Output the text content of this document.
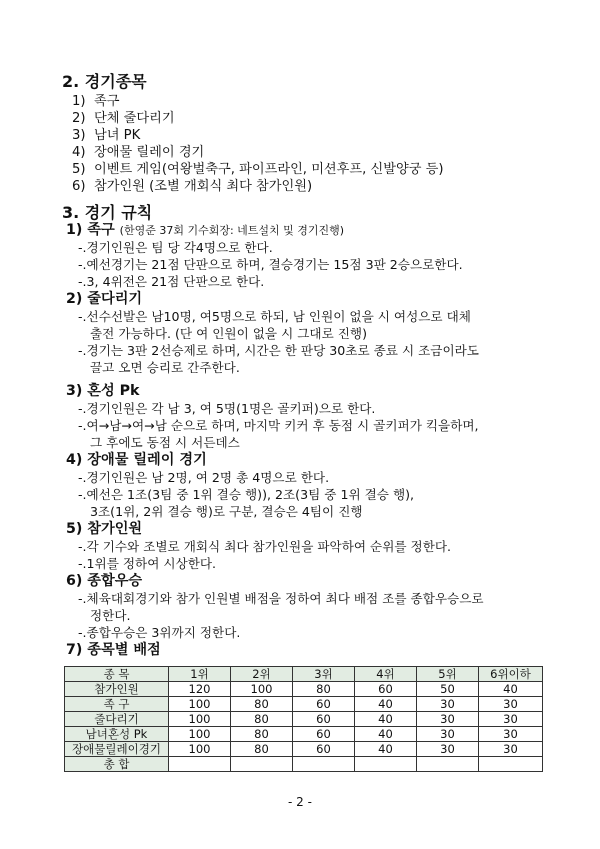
2. 경기종목
1) 족구
2) 단체 줄다리기
3) 남녀 PK
4) 장애물 릴레이 경기
5) 이벤트 게임(여왕벌축구, 파이프라인, 미션후프, 신발양궁 등)
6) 참가인원 (조별 개회식 최다 참가인원)
3. 경기 규칙
1) 족구 (한영준 37회 기수회장: 네트설치 및 경기진행)
-.경기인원은 팀 당 각4명으로 한다.
-.예선경기는 21점 단판으로 하며, 결승경기는 15점 3판 2승으로한다.
-.3, 4위전은 21점 단판으로 한다.
2) 줄다리기
-.선수선발은 남10명, 여5명으로 하되, 남 인원이 없을 시 여성으로 대체
출전 가능하다. (단 여 인원이 없을 시 그대로 진행)
-.경기는 3판 2선승제로 하며, 시간은 한 판당 30초로 종료 시 조금이라도
끌고 오면 승리로 간주한다.
3) 혼성 Pk
-.경기인원은 각 남 3, 여 5명(1명은 골키퍼)으로 한다.
-.여→남→여→남 순으로 하며, 마지막 키커 후 동점 시 골키퍼가 킥을하며,
그 후에도 동점 시 서든데스
4) 장애물 릴레이 경기
-.경기인원은 남 2명, 여 2명 총 4명으로 한다.
-.예선은 1조(3팀 중 1위 결승 행)), 2조(3팀 중 1위 결승 행),
3조(1위, 2위 결승 행)로 구분, 결승은 4팀이 진행
5) 참가인원
-.각 기수와 조별로 개회식 최다 참가인원을 파악하여 순위를 정한다.
-.1위를 정하여 시상한다.
6) 종합우승
-.체육대회경기와 참가 인원별 배점을 정하여 최다 배점 조를 종합우승으로
정한다.
-.종합우승은 3위까지 정한다.
7) 종목별 배점
종 목	1위	2위	3위	4위	5위	6위이하
참가인원	120	100	80	60	50	40
족 구	100	80	60	40	30	30
줄다리기	100	80	60	40	30	30
남녀혼성 Pk	100	80	60	40	30	30
장애물릴레이경기	100	80	60	40	30	30
총 합						
- 2 -
